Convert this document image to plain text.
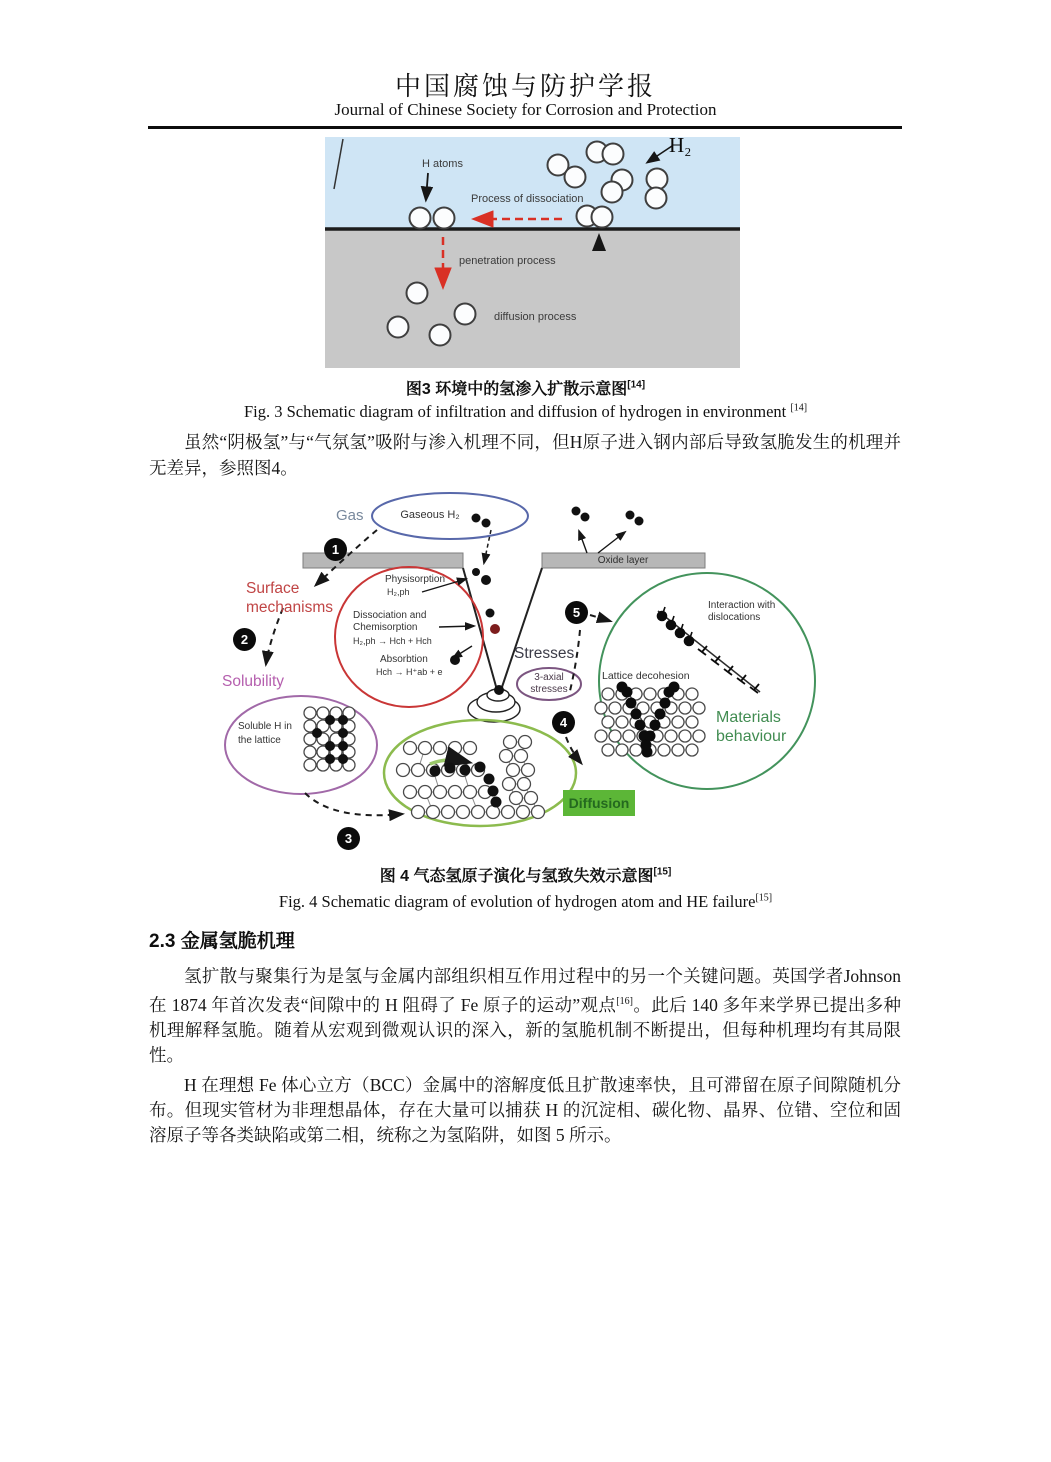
中国腐蚀与防护学报
Journal of Chinese Society for Corrosion and Protection
H atoms
Process of dissociation
penetration process
diffusion process
H₂
图3 环境中的氢渗入扩散示意图[14]
Fig. 3 Schematic diagram of infiltration and diffusion of hydrogen in environment [14]

虽然“阴极氢”与“气氛氢”吸附与渗入机理不同，但H原子进入钢内部后导致氢脆发生的机理并无差异，参照图4。

Gas	Gaseous H₂
Oxide layer
Surface mechanisms
Physisorption
H₂,ph
Dissociation and Chemisorption
H₂,ph → Hch + Hch
Absorbtion
Hch → H⁺ab + e
Solubility
Soluble H in the lattice
Stresses
3-axial stresses
Diffusion
Interaction with dislocations
Lattice decohesion
Materials behaviour
1
2
3
4
5
图 4 气态氢原子演化与氢致失效示意图[15]
Fig. 4 Schematic diagram of evolution of hydrogen atom and HE failure[15]
2.3 金属氢脆机理

氢扩散与聚集行为是氢与金属内部组织相互作用过程中的另一个关键问题。英国学者Johnson 在 1874 年首次发表“间隙中的 H 阻碍了 Fe 原子的运动”观点[16]。此后 140 多年来学界已提出多种机理解释氢脆。随着从宏观到微观认识的深入，新的氢脆机制不断提出，但每种机理均有其局限性。

H 在理想 Fe 体心立方（BCC）金属中的溶解度低且扩散速率快，且可滞留在原子间隙随机分布。但现实管材为非理想晶体，存在大量可以捕获 H 的沉淀相、碳化物、晶界、位错、空位和固溶原子等各类缺陷或第二相，统称之为氢陷阱，如图 5 所示。
